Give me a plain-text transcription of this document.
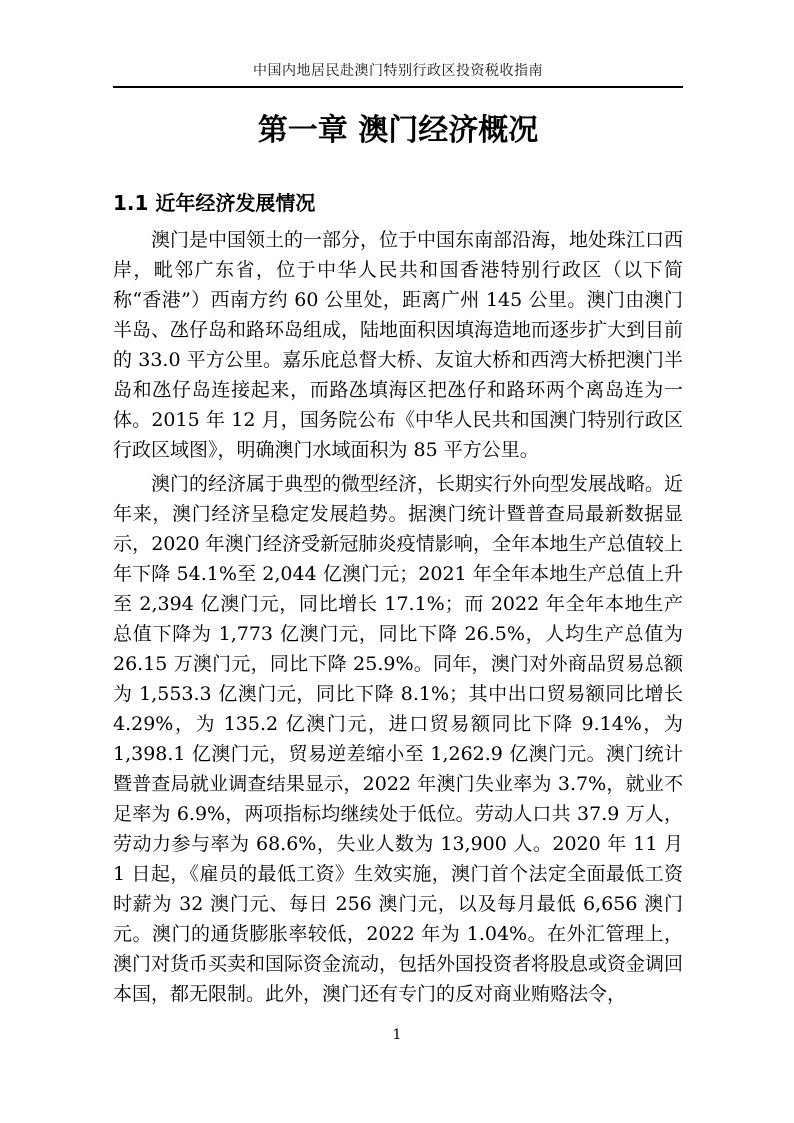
中国内地居民赴澳门特别行政区投资税收指南
第一章 澳门经济概况
1.1 近年经济发展情况

澳门是中国领土的一部分，位于中国东南部沿海，地处珠江口西岸，毗邻广东省，位于中华人民共和国香港特别行政区（以下简称“香港”）西南方约 60 公里处，距离广州 145 公里。澳门由澳门半岛、氹仔岛和路环岛组成，陆地面积因填海造地而逐步扩大到目前的 33.0 平方公里。嘉乐庇总督大桥、友谊大桥和西湾大桥把澳门半岛和氹仔岛连接起来，而路氹填海区把氹仔和路环两个离岛连为一体。2015 年 12 月，国务院公布《中华人民共和国澳门特别行政区行政区域图》，明确澳门水域面积为 85 平方公里。

澳门的经济属于典型的微型经济，长期实行外向型发展战略。近年来，澳门经济呈稳定发展趋势。据澳门统计暨普查局最新数据显示，2020 年澳门经济受新冠肺炎疫情影响，全年本地生产总值较上年下降 54.1%至 2,044 亿澳门元；2021 年全年本地生产总值上升至 2,394 亿澳门元，同比增长 17.1%；而 2022 年全年本地生产总值下降为 1,773 亿澳门元，同比下降 26.5%，人均生产总值为 26.15 万澳门元，同比下降 25.9%。同年，澳门对外商品贸易总额为 1,553.3 亿澳门元，同比下降 8.1%；其中出口贸易额同比增长 4.29%，为 135.2 亿澳门元，进口贸易额同比下降 9.14%，为 1,398.1 亿澳门元，贸易逆差缩小至 1,262.9 亿澳门元。澳门统计暨普查局就业调查结果显示，2022 年澳门失业率为 3.7%，就业不足率为 6.9%，两项指标均继续处于低位。劳动人口共 37.9 万人，劳动力参与率为 68.6%，失业人数为 13,900 人。2020 年 11 月 1 日起，《雇员的最低工资》生效实施，澳门首个法定全面最低工资时薪为 32 澳门元、每日 256 澳门元，以及每月最低 6,656 澳门元。澳门的通货膨胀率较低，2022 年为 1.04%。在外汇管理上，澳门对货币买卖和国际资金流动，包括外国投资者将股息或资金调回本国，都无限制。此外，澳门还有专门的反对商业贿赂法令，

1
